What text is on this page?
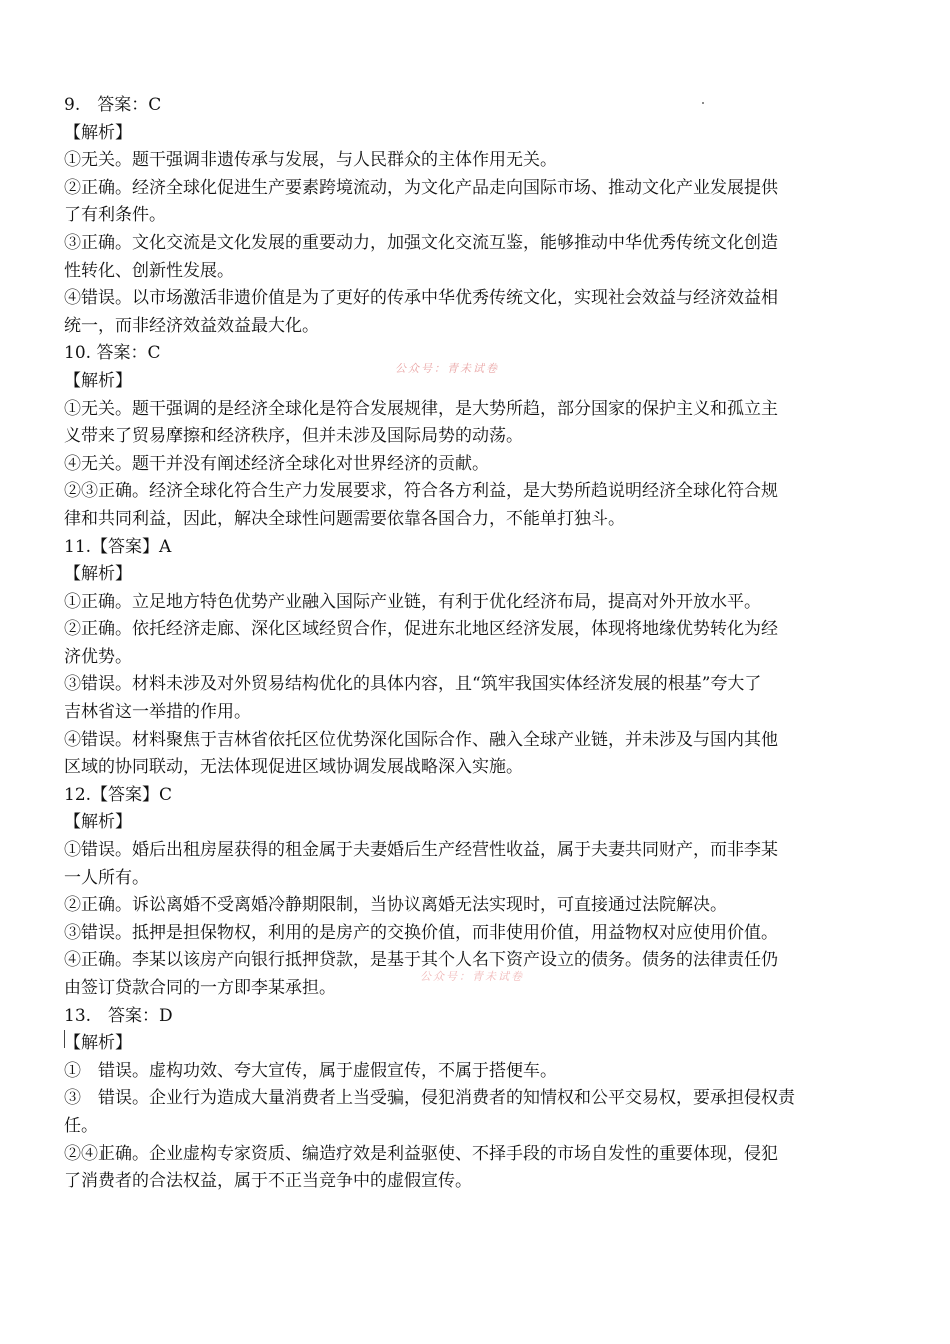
公众号：青未试卷
公众号：青未试卷
9.　答案：C
【解析】
①无关。题干强调非遗传承与发展，与人民群众的主体作用无关。
②正确。经济全球化促进生产要素跨境流动，为文化产品走向国际市场、推动文化产业发展提供
了有利条件。
③正确。文化交流是文化发展的重要动力，加强文化交流互鉴，能够推动中华优秀传统文化创造
性转化、创新性发展。
④错误。以市场激活非遗价值是为了更好的传承中华优秀传统文化，实现社会效益与经济效益相
统一，而非经济效益效益最大化。
10. 答案：C
【解析】
①无关。题干强调的是经济全球化是符合发展规律，是大势所趋，部分国家的保护主义和孤立主
义带来了贸易摩擦和经济秩序，但并未涉及国际局势的动荡。
④无关。题干并没有阐述经济全球化对世界经济的贡献。
②③正确。经济全球化符合生产力发展要求，符合各方利益，是大势所趋说明经济全球化符合规
律和共同利益，因此，解决全球性问题需要依靠各国合力，不能单打独斗。
11.【答案】A
【解析】
①正确。立足地方特色优势产业融入国际产业链，有利于优化经济布局，提高对外开放水平。
②正确。依托经济走廊、深化区域经贸合作，促进东北地区经济发展，体现将地缘优势转化为经
济优势。
③错误。材料未涉及对外贸易结构优化的具体内容，且“筑牢我国实体经济发展的根基”夸大了
吉林省这一举措的作用。
④错误。材料聚焦于吉林省依托区位优势深化国际合作、融入全球产业链，并未涉及与国内其他
区域的协同联动，无法体现促进区域协调发展战略深入实施。
12.【答案】C
【解析】
①错误。婚后出租房屋获得的租金属于夫妻婚后生产经营性收益，属于夫妻共同财产，而非李某
一人所有。
②正确。诉讼离婚不受离婚冷静期限制，当协议离婚无法实现时，可直接通过法院解决。
③错误。抵押是担保物权，利用的是房产的交换价值，而非使用价值，用益物权对应使用价值。
④正确。李某以该房产向银行抵押贷款，是基于其个人名下资产设立的债务。债务的法律责任仍
由签订贷款合同的一方即李某承担。
13.　答案：D
【解析】
①　错误。虚构功效、夸大宣传，属于虚假宣传，不属于搭便车。
③　错误。企业行为造成大量消费者上当受骗，侵犯消费者的知情权和公平交易权，要承担侵权责
任。
②④正确。企业虚构专家资质、编造疗效是利益驱使、不择手段的市场自发性的重要体现，侵犯
了消费者的合法权益，属于不正当竞争中的虚假宣传。
